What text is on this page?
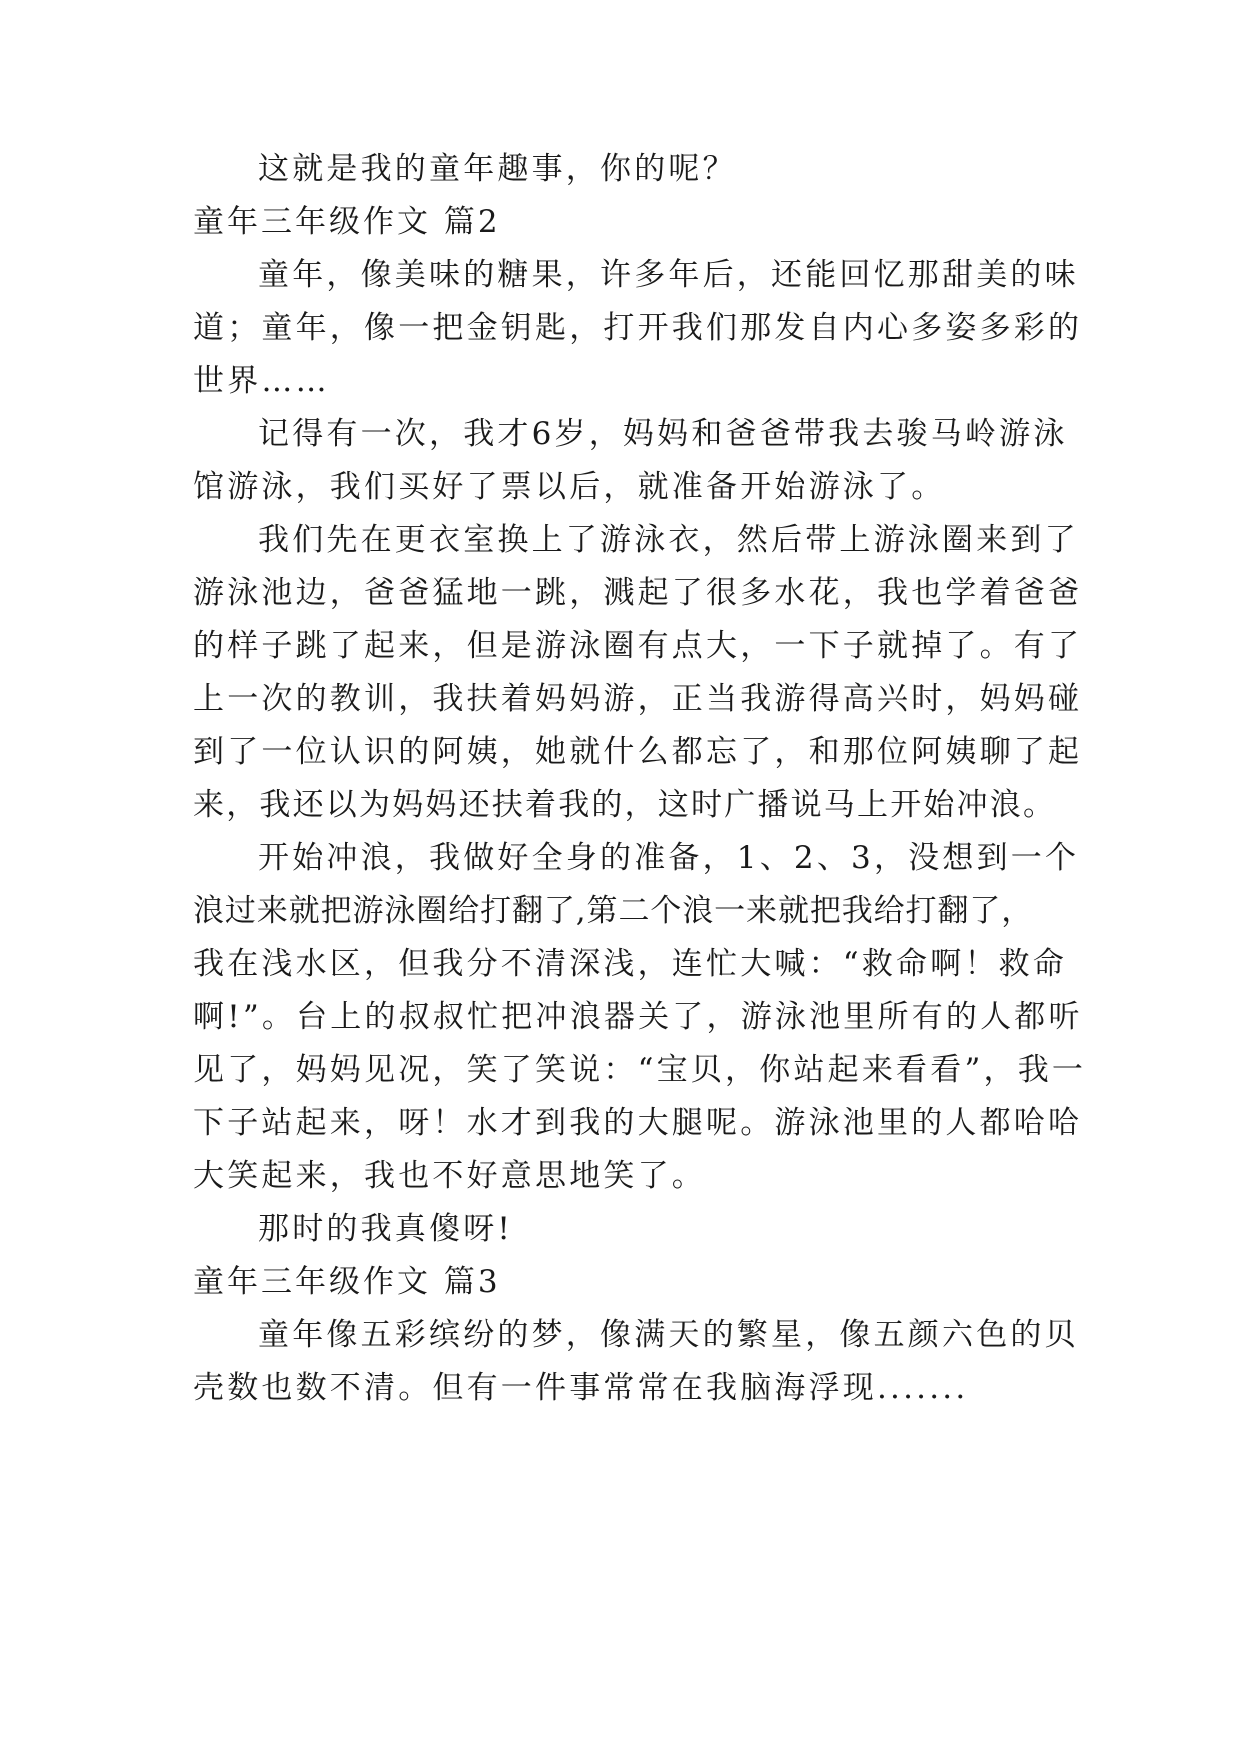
这就是我的童年趣事，你的呢？
童年三年级作文 篇2
童年，像美味的糖果，许多年后，还能回忆那甜美的味
道；童年，像一把金钥匙，打开我们那发自内心多姿多彩的
世界……
记得有一次，我才6岁，妈妈和爸爸带我去骏马岭游泳
馆游泳，我们买好了票以后，就准备开始游泳了。
我们先在更衣室换上了游泳衣，然后带上游泳圈来到了
游泳池边，爸爸猛地一跳，溅起了很多水花，我也学着爸爸
的样子跳了起来，但是游泳圈有点大，一下子就掉了。有了
上一次的教训，我扶着妈妈游，正当我游得高兴时，妈妈碰
到了一位认识的阿姨，她就什么都忘了，和那位阿姨聊了起
来，我还以为妈妈还扶着我的，这时广播说马上开始冲浪。
开始冲浪，我做好全身的准备，1、2、3，没想到一个
浪过来就把游泳圈给打翻了,第二个浪一来就把我给打翻了，
我在浅水区，但我分不清深浅，连忙大喊：“救命啊！救命
啊!”。台上的叔叔忙把冲浪器关了，游泳池里所有的人都听
见了，妈妈见况，笑了笑说：“宝贝，你站起来看看”，我一
下子站起来，呀！水才到我的大腿呢。游泳池里的人都哈哈
大笑起来，我也不好意思地笑了。
那时的我真傻呀!
童年三年级作文 篇3
童年像五彩缤纷的梦，像满天的繁星，像五颜六色的贝
壳数也数不清。但有一件事常常在我脑海浮现.......
